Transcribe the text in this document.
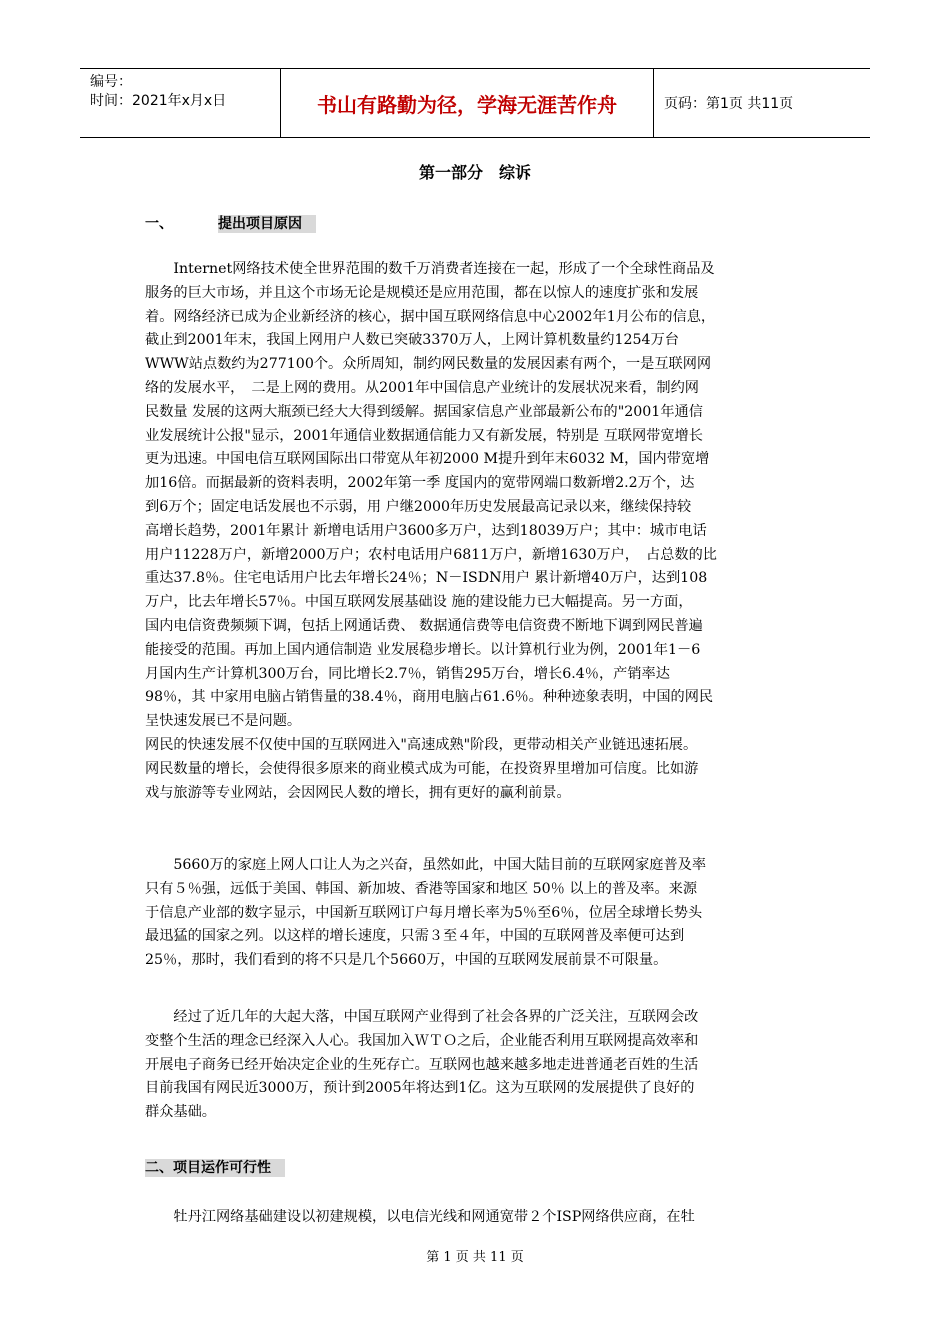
编号：
时间：2021年x月x日	书山有路勤为径，学海无涯苦作舟	页码：第1页 共11页
第一部分　综诉
一、	提出项目原因
　　Internet网络技术使全世界范围的数千万消费者连接在一起，形成了一个全球性商品及
服务的巨大市场，并且这个市场无论是规模还是应用范围，都在以惊人的速度扩张和发展
着。网络经济已成为企业新经济的核心，据中国互联网络信息中心2002年1月公布的信息，
截止到2001年末，我国上网用户人数已突破3370万人，上网计算机数量约1254万台
WWW站点数约为277100个。众所周知，制约网民数量的发展因素有两个，一是互联网网
络的发展水平，　二是上网的费用。从2001年中国信息产业统计的发展状况来看，制约网
民数量 发展的这两大瓶颈已经大大得到缓解。据国家信息产业部最新公布的"2001年通信
业发展统计公报"显示，2001年通信业数据通信能力又有新发展，特别是 互联网带宽增长
更为迅速。中国电信互联网国际出口带宽从年初2000 M提升到年末6032 M，国内带宽增
加16倍。而据最新的资料表明，2002年第一季 度国内的宽带网端口数新增2.2万个，达
到6万个；固定电话发展也不示弱，用 户继2000年历史发展最高记录以来，继续保持较
高增长趋势，2001年累计 新增电话用户3600多万户，达到18039万户；其中：城市电话
用户11228万户，新增2000万户；农村电话用户6811万户，新增1630万户，　占总数的比
重达37.8％。住宅电话用户比去年增长24％；N－ISDN用户 累计新增40万户，达到108
万户，比去年增长57％。中国互联网发展基础设 施的建设能力已大幅提高。另一方面，
国内电信资费频频下调，包括上网通话费、 数据通信费等电信资费不断地下调到网民普遍
能接受的范围。再加上国内通信制造 业发展稳步增长。以计算机行业为例，2001年1－6
月国内生产计算机300万台，同比增长2.7％，销售295万台，增长6.4％，产销率达
98％，其 中家用电脑占销售量的38.4％，商用电脑占61.6％。种种迹象表明，中国的网民
呈快速发展已不是问题。
网民的快速发展不仅使中国的互联网进入"高速成熟"阶段，更带动相关产业链迅速拓展。
网民数量的增长，会使得很多原来的商业模式成为可能，在投资界里增加可信度。比如游
戏与旅游等专业网站，会因网民人数的增长，拥有更好的赢利前景。
　　5660万的家庭上网人口让人为之兴奋，虽然如此，中国大陆目前的互联网家庭普及率
只有５％强，远低于美国、韩国、新加坡、香港等国家和地区 50％ 以上的普及率。来源
于信息产业部的数字显示，中国新互联网订户每月增长率为5％至6％，位居全球增长势头
最迅猛的国家之列。以这样的增长速度，只需３至４年，中国的互联网普及率便可达到
25％，那时，我们看到的将不只是几个5660万，中国的互联网发展前景不可限量。
　　经过了近几年的大起大落，中国互联网产业得到了社会各界的广泛关注，互联网会改
变整个生活的理念已经深入人心。我国加入ＷＴＯ之后，企业能否利用互联网提高效率和
开展电子商务已经开始决定企业的生死存亡。互联网也越来越多地走进普通老百姓的生活
目前我国有网民近3000万，预计到2005年将达到1亿。这为互联网的发展提供了良好的
群众基础。
二、项目运作可行性
　　牡丹江网络基础建设以初建规模，以电信光线和网通宽带２个ISP网络供应商，在牡
第 1 页 共 11 页
